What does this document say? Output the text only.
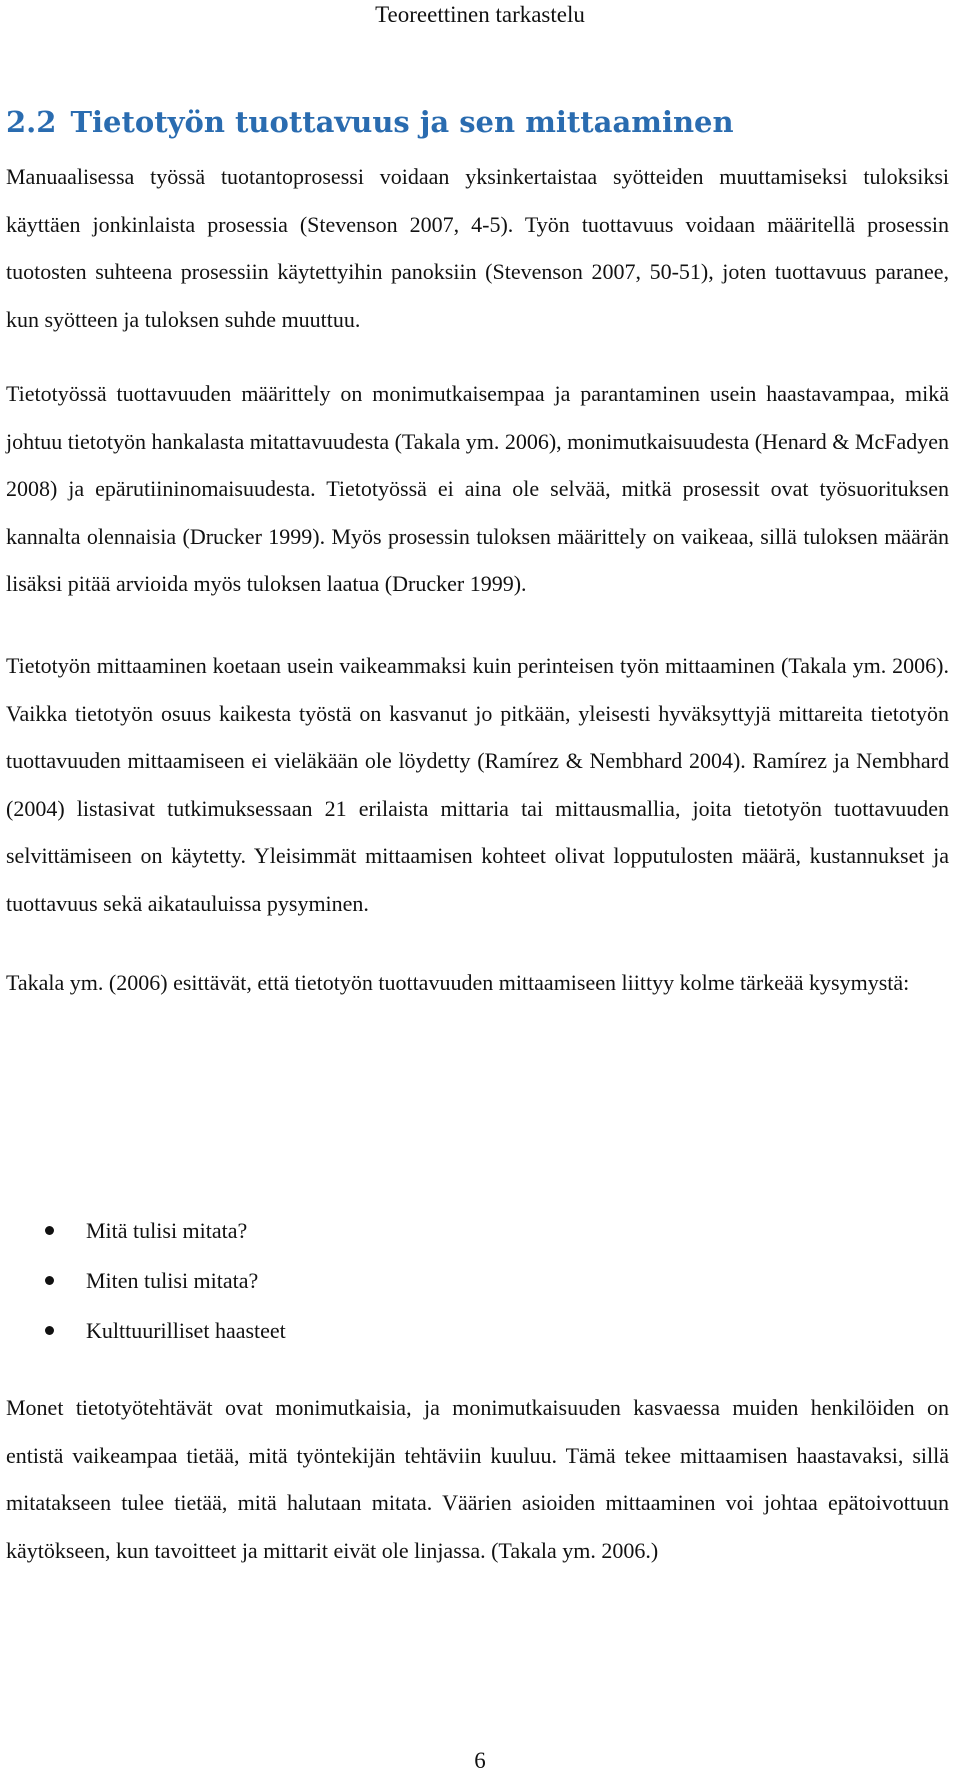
Teoreettinen tarkastelu
2.2 Tietotyön tuottavuus ja sen mittaaminen

Manuaalisessa työssä tuotantoprosessi voidaan yksinkertaistaa syötteiden muuttamiseksi tuloksiksi käyttäen jonkinlaista prosessia (Stevenson 2007, 4-5). Työn tuottavuus voidaan määritellä prosessin tuotosten suhteena prosessiin käytettyihin panoksiin (Stevenson 2007, 50-51), joten tuottavuus paranee, kun syötteen ja tuloksen suhde muuttuu.

Tietotyössä tuottavuuden määrittely on monimutkaisempaa ja parantaminen usein haastavampaa, mikä johtuu tietotyön hankalasta mitattavuudesta (Takala ym. 2006), monimutkaisuudesta (Henard & McFadyen 2008) ja epärutiininomaisuudesta. Tietotyössä ei aina ole selvää, mitkä prosessit ovat työsuorituksen kannalta olennaisia (Drucker 1999). Myös prosessin tuloksen määrittely on vaikeaa, sillä tuloksen määrän lisäksi pitää arvioida myös tuloksen laatua (Drucker 1999).

Tietotyön mittaaminen koetaan usein vaikeammaksi kuin perinteisen työn mittaaminen (Takala ym. 2006). Vaikka tietotyön osuus kaikesta työstä on kasvanut jo pitkään, yleisesti hyväksyttyjä mittareita tietotyön tuottavuuden mittaamiseen ei vieläkään ole löydetty (Ramírez & Nembhard 2004). Ramírez ja Nembhard (2004) listasivat tutkimuksessaan 21 erilaista mittaria tai mittausmallia, joita tietotyön tuottavuuden selvittämiseen on käytetty. Yleisimmät mittaamisen kohteet olivat lopputulosten määrä, kustannukset ja tuottavuus sekä aikatauluissa pysyminen.

Takala ym. (2006) esittävät, että tietotyön tuottavuuden mittaamiseen liittyy kolme tärkeää kysymystä:

Mitä tulisi mitata?
Miten tulisi mitata?
Kulttuurilliset haasteet

Monet tietotyötehtävät ovat monimutkaisia, ja monimutkaisuuden kasvaessa muiden henkilöiden on entistä vaikeampaa tietää, mitä työntekijän tehtäviin kuuluu. Tämä tekee mittaamisen haastavaksi, sillä mitatakseen tulee tietää, mitä halutaan mitata. Väärien asioiden mittaaminen voi johtaa epätoivottuun käytökseen, kun tavoitteet ja mittarit eivät ole linjassa. (Takala ym. 2006.)

6
